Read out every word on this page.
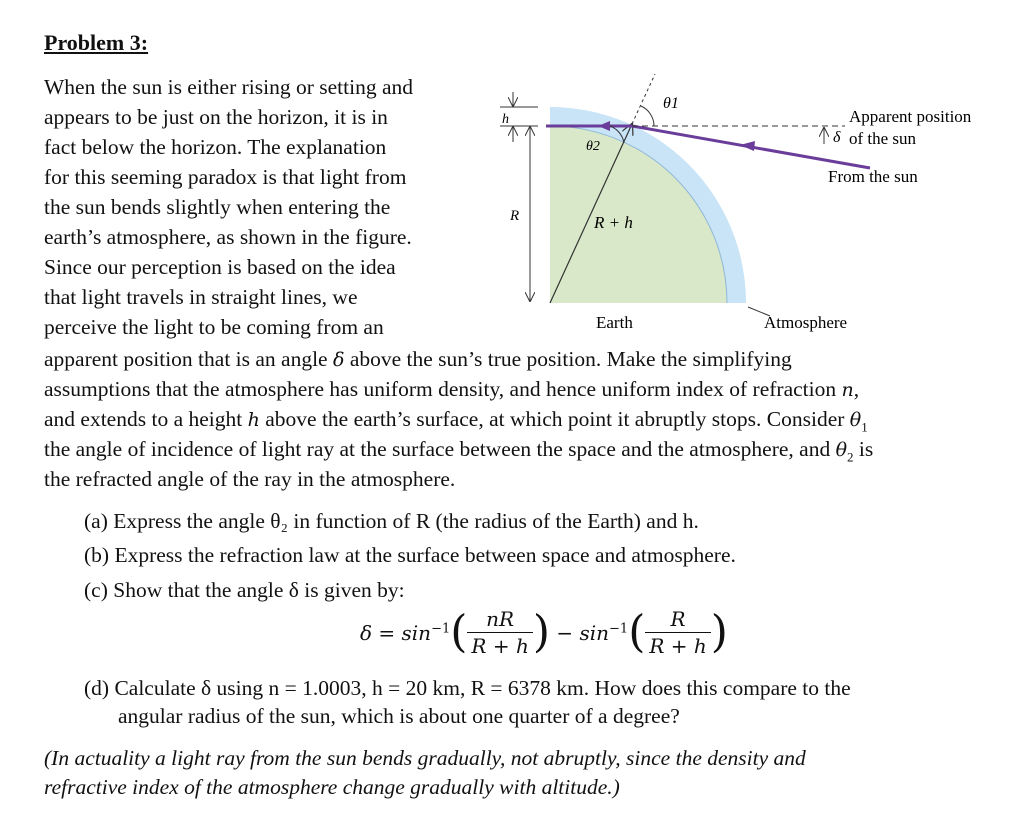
Problem 3:
When the sun is either rising or setting and
appears to be just on the horizon, it is in
fact below the horizon. The explanation
for this seeming paradox is that light from
the sun bends slightly when entering the
earth’s atmosphere, as shown in the figure.
Since our perception is based on the idea
that light travels in straight lines, we
perceive the light to be coming from an
apparent position that is an angle δ above the sun’s true position. Make the simplifying
assumptions that the atmosphere has uniform density, and hence uniform index of refraction n,
and extends to a height h above the earth’s surface, at which point it abruptly stops. Consider $\theta_1$
the angle of incidence of light ray at the surface between the space and the atmosphere, and $\theta_2$ is
the refracted angle of the ray in the atmosphere.
(a) Express the angle θ₂ in function of R (the radius of the Earth) and h.
(b) Express the refraction law at the surface between space and atmosphere.
(c) Show that the angle δ is given by:
$\delta = \sin^{-1}( \frac{nR}{R + h}$ ) − $\sin^{-1}( \frac{R}{R + h}$ )
(d) Calculate δ using n = 1.0003, h = 20 km, R = 6378 km. How does this compare to the
angular radius of the sun, which is about one quarter of a degree?
(In actuality a light ray from the sun bends gradually, not abruptly, since the density and
refractive index of the atmosphere change gradually with altitude.)
θ1
θ2
δ
h
R	R + h
Apparent position
of the sun
From the sun
Earth	Atmosphere
